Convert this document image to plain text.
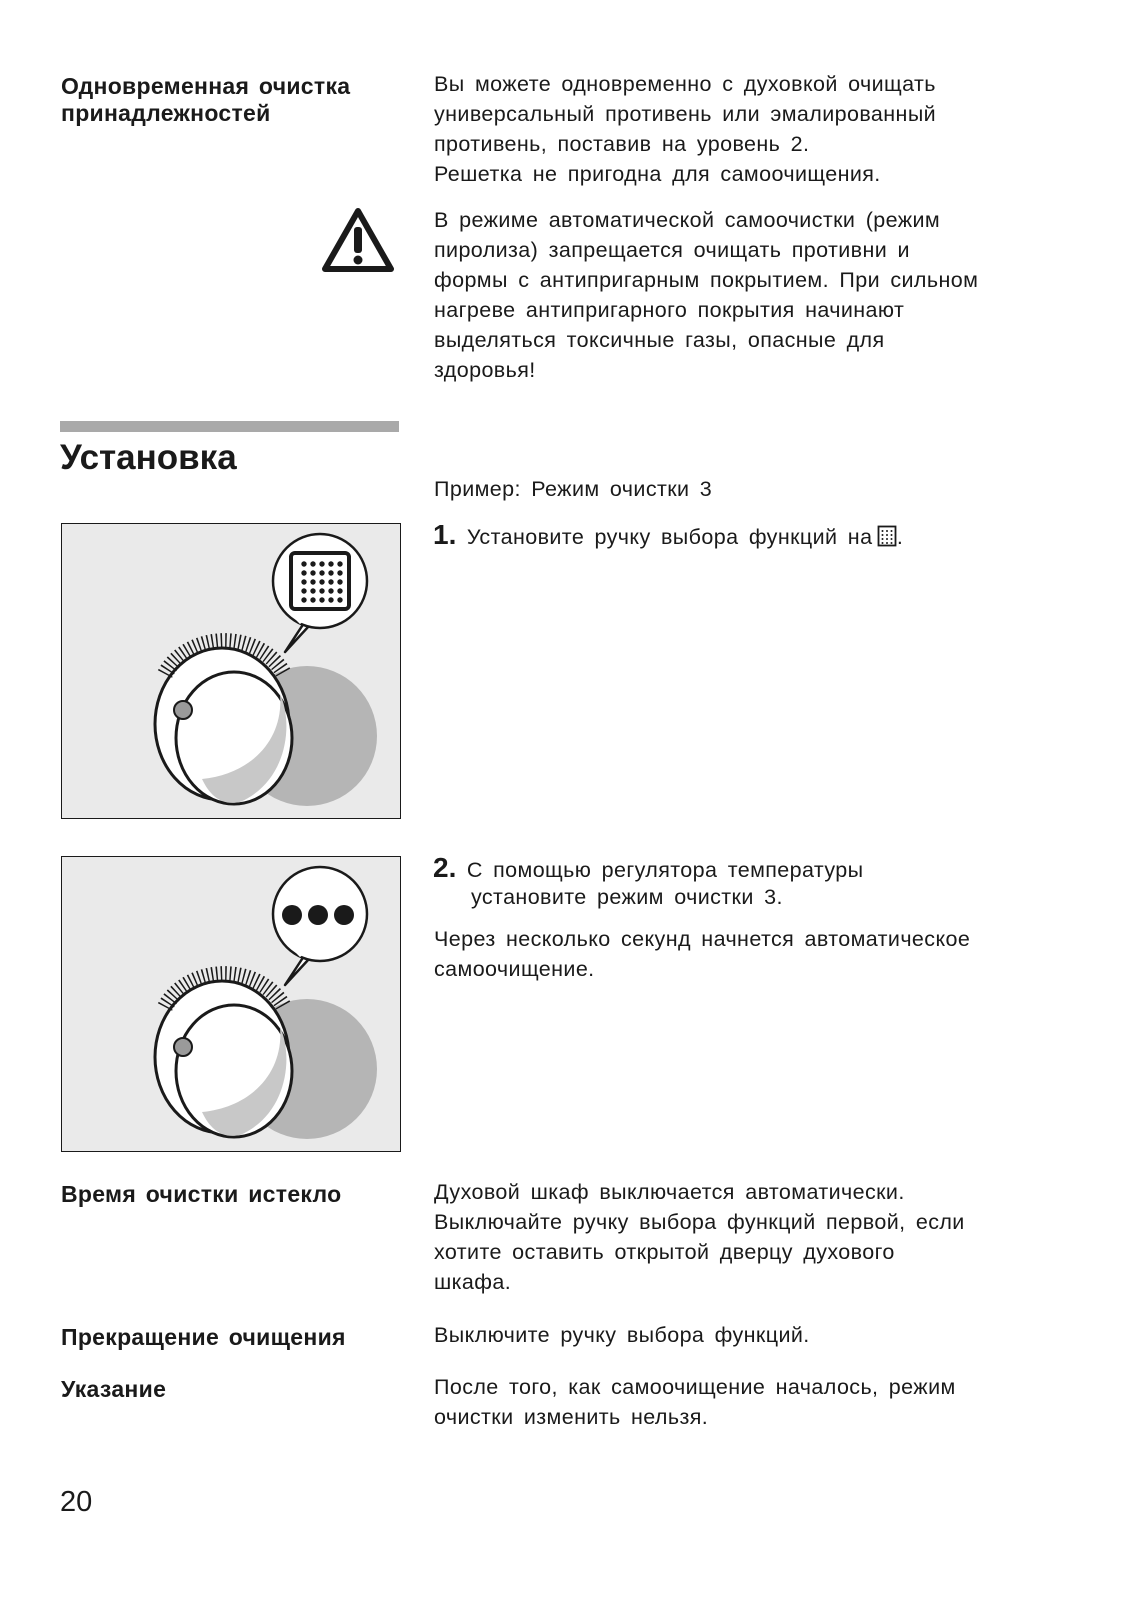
Одновременная очистка
принадлежностей

Вы можете одновременно с духовкой очищать

универсальный противень или эмалированный

противень, поставив на уровень 2.

Решетка не пригодна для самоочищения.

В режиме автоматической самоочистки (режим

пиролиза) запрещается очищать противни и

формы с антипригарным покрытием. При сильном

нагреве антипригарного покрытия начинают

выделяться токсичные газы, опасные для

здоровья!

Установка

Пример: Режим очистки 3

1. Установите ручку выбора функций на .
2. С помощью регулятора температуры
установите режим очистки 3.

Через несколько секунд начнется автоматическое

самоочищение.

Время очистки истекло	Духовой шкаф выключается автоматически.

Выключайте ручку выбора функций первой, если

хотите оставить открытой дверцу духового

шкафа.

Прекращение очищения	Выключите ручку выбора функций.

Указание	После того, как самоочищение началось, режим

очистки изменить нельзя.

20
